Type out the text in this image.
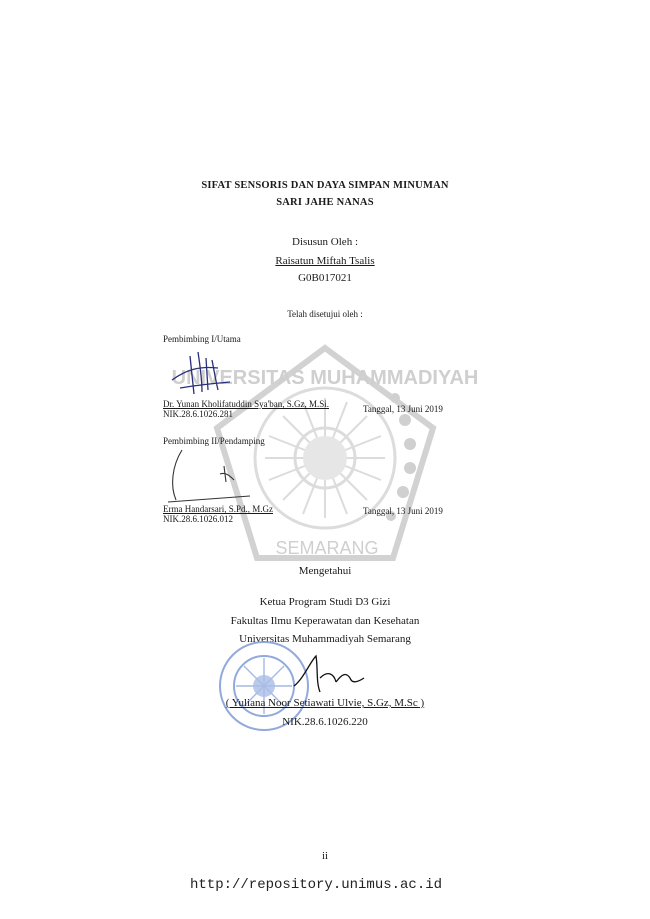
UNIVERSITAS MUHAMMADIYAH
SEMARANG
SIFAT SENSORIS DAN DAYA SIMPAN MINUMAN
SARI JAHE NANAS
Disusun Oleh :
Raisatun Miftah Tsalis
G0B017021
Telah disetujui oleh :
Pembimbing I/Utama
Dr. Yunan Kholifatuddin Sya'ban, S.Gz, M.Si.
NIK.28.6.1026.281	Tanggal, 13 Juni 2019
Pembimbing II/Pendamping
Erma Handarsari, S.Pd., M.Gz
NIK.28.6.1026.012
Tanggal, 13 Juni 2019
Mengetahui
Ketua Program Studi D3 Gizi
Fakultas Ilmu Keperawatan dan Kesehatan
Universitas Muhammadiyah Semarang
( Yuliana Noor Setiawati Ulvie, S.Gz, M.Sc )
NIK.28.6.1026.220
ii
http://repository.unimus.ac.id
